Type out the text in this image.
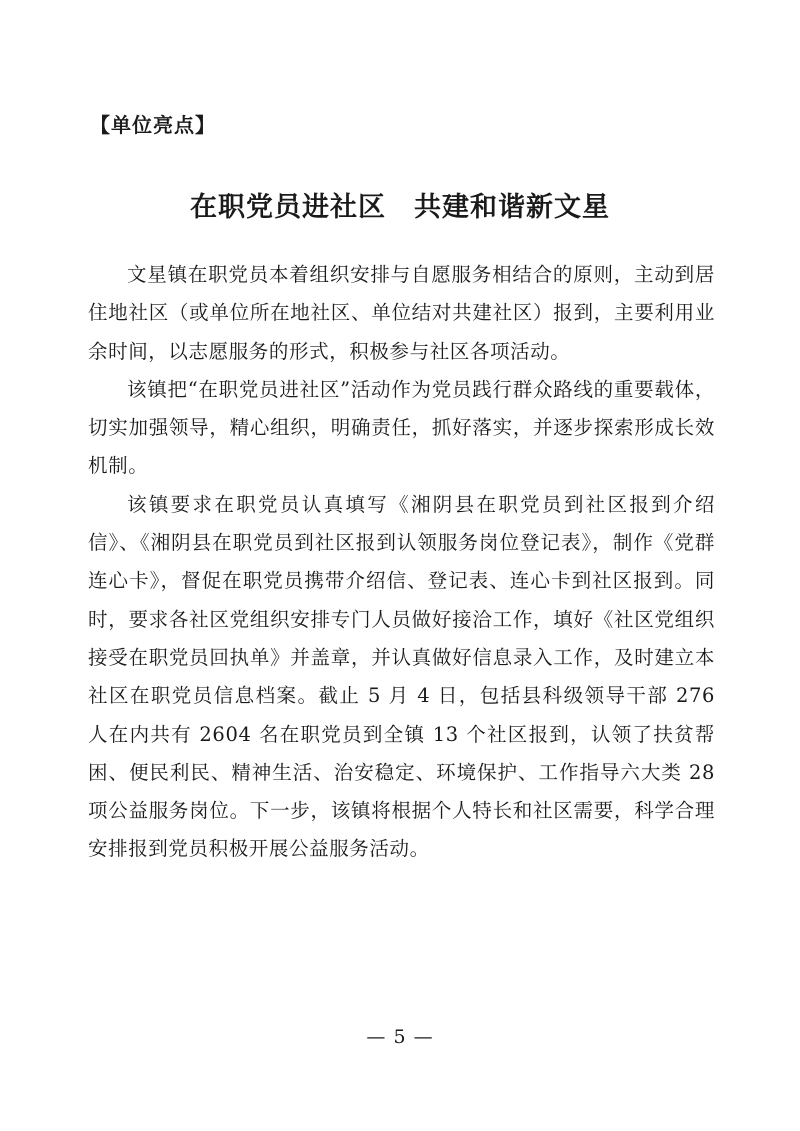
【单位亮点】
在职党员进社区　共建和谐新文星

文星镇在职党员本着组织安排与自愿服务相结合的原则，主动到居住地社区（或单位所在地社区、单位结对共建社区）报到，主要利用业余时间，以志愿服务的形式，积极参与社区各项活动。

该镇把“在职党员进社区”活动作为党员践行群众路线的重要载体，切实加强领导，精心组织，明确责任，抓好落实，并逐步探索形成长效机制。

该镇要求在职党员认真填写《湘阴县在职党员到社区报到介绍信》、《湘阴县在职党员到社区报到认领服务岗位登记表》，制作《党群连心卡》，督促在职党员携带介绍信、登记表、连心卡到社区报到。同时，要求各社区党组织安排专门人员做好接洽工作，填好《社区党组织接受在职党员回执单》并盖章，并认真做好信息录入工作，及时建立本社区在职党员信息档案。截止 5 月 4 日，包括县科级领导干部 276 人在内共有 2604 名在职党员到全镇 13 个社区报到，认领了扶贫帮困、便民利民、精神生活、治安稳定、环境保护、工作指导六大类 28 项公益服务岗位。下一步，该镇将根据个人特长和社区需要，科学合理安排报到党员积极开展公益服务活动。

— 5 —
